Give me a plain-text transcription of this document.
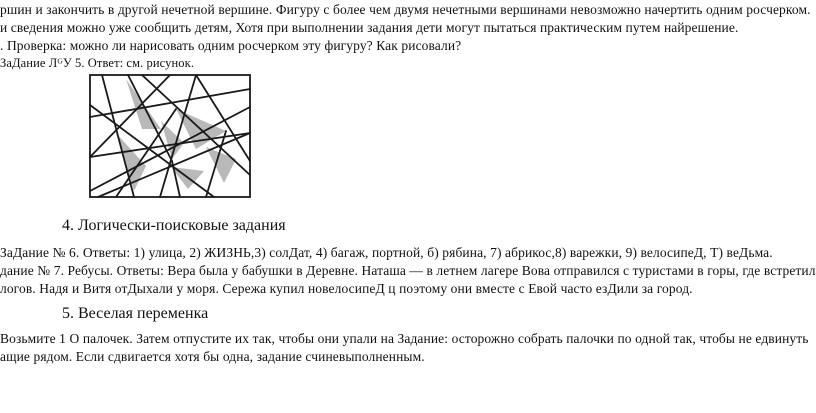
ршин и закончить в другой нечетной вершине. Фигуру с более чем двумя нечетными вершинами невозможно начертить одним росчерком.
и сведения можно уже сообщить детям, Хотя при выполнении задания дети могут пытаться практическим путем найрешение.
. Проверка: можно ли нарисовать одним росчерком эту фигуру? Как рисовали?
ЗаДание ЛᴳУ 5. Ответ: см. рисунок.
4. Логически-поисковые задания
ЗаДание № 6. Ответы: 1) улица, 2) ЖИЗНЬ,3) солДат, 4) багаж, портной, б) рябина, 7) абрикос,8) варежки, 9) велосипеД, Т) веДьма.
дание № 7. Ребусы. Ответы: Вера была у бабушки в Деревне. Наташа — в летнем лагере Вова отправился с туристами в горы, где встретил
логов. Надя и Витя отДыхали у моря. Сережа купил новелосипеД ц поэтому они вместе с Евой часто езДили за город.
5. Веселая переменка
Возьмите 1 О палочек. Затем отпустите их так, чтобы они упали на Задание: осторожно собрать палочки по одной так, чтобы не едвинуть
ащие рядом. Если сдвигается хотя бы одна, задание счиневыполненным.
